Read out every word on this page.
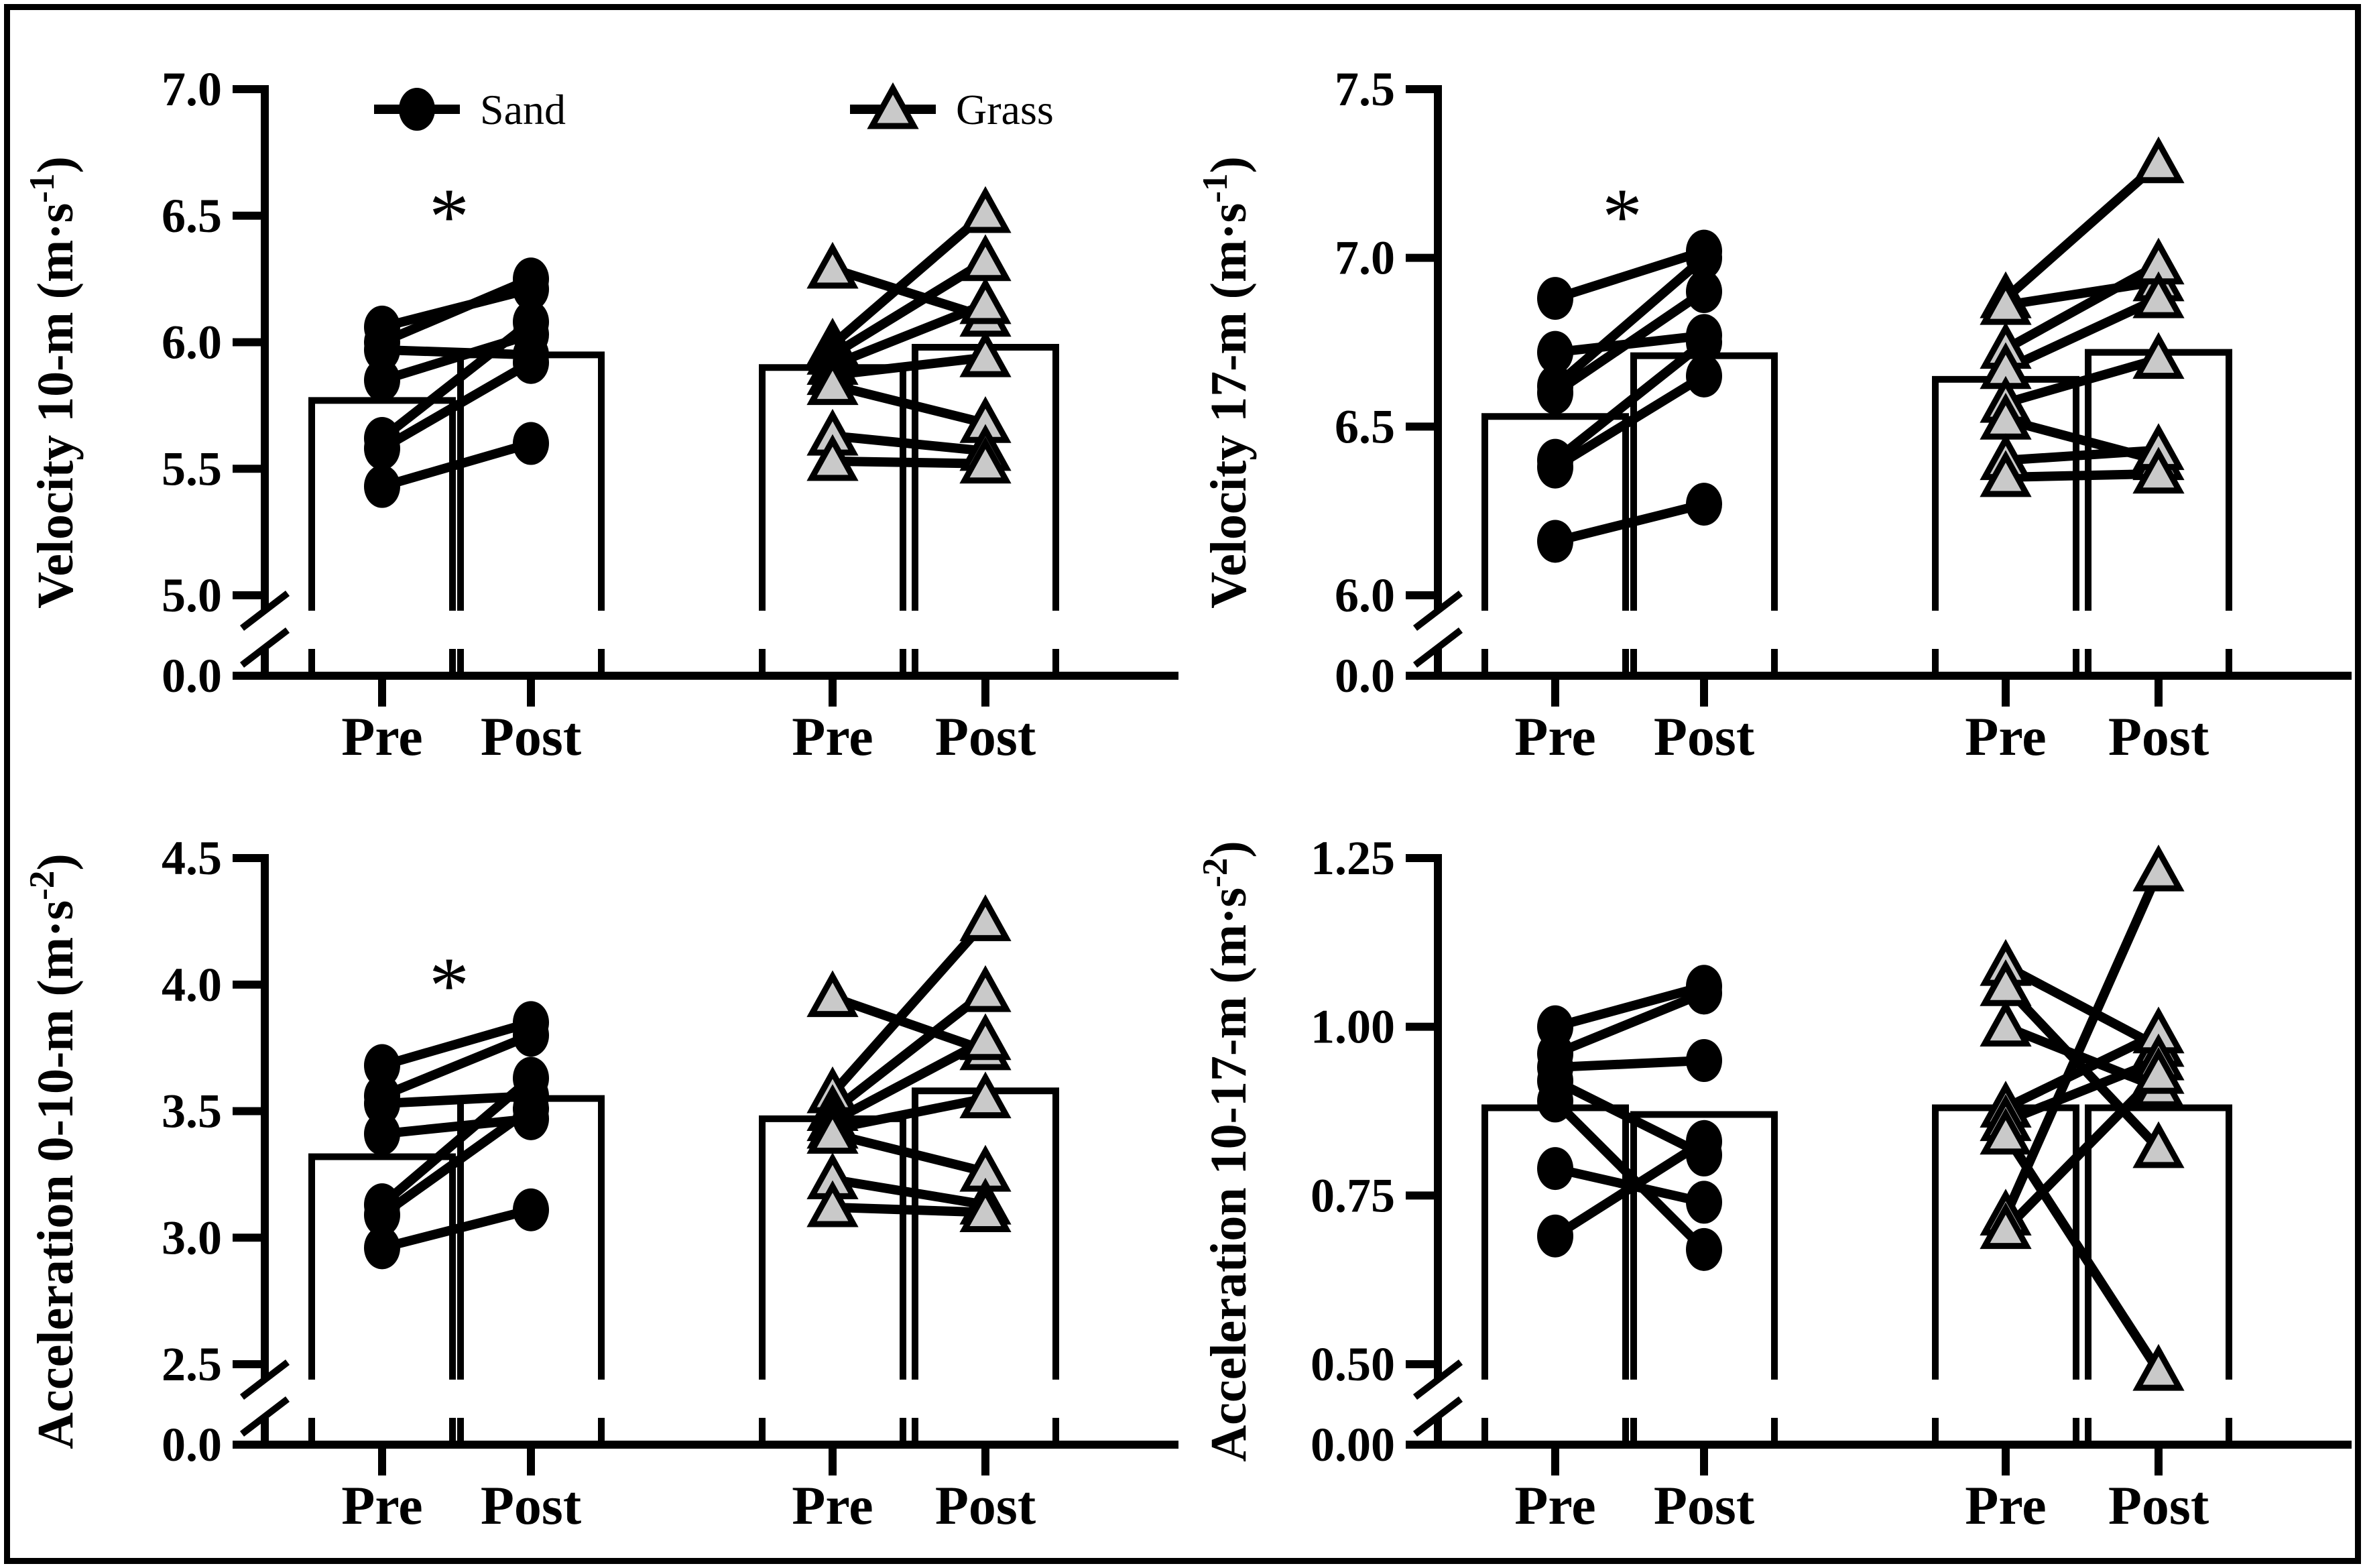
7.0
6.5
6.0
5.5
5.0
0.0
Pre Post	Pre Post
Velocity 10-m $(m\cdot s^{-1})$
*
Sand	Grass	7.5
7.0
6.5
6.0
0.0
Pre Post	Pre Post
Velocity 17-m $(m\cdot s^{-1})$
*
4.5
4.0
3.5
3.0
2.5
0.0
Pre Post	Pre Post
Acceleration 0-10-m $(m\cdot s^{-2})$
*
1.25
1.00
0.75
0.50
0.00
Pre Post	Pre Post
Acceleration 10-17-m $(m\cdot s^{-2})$
